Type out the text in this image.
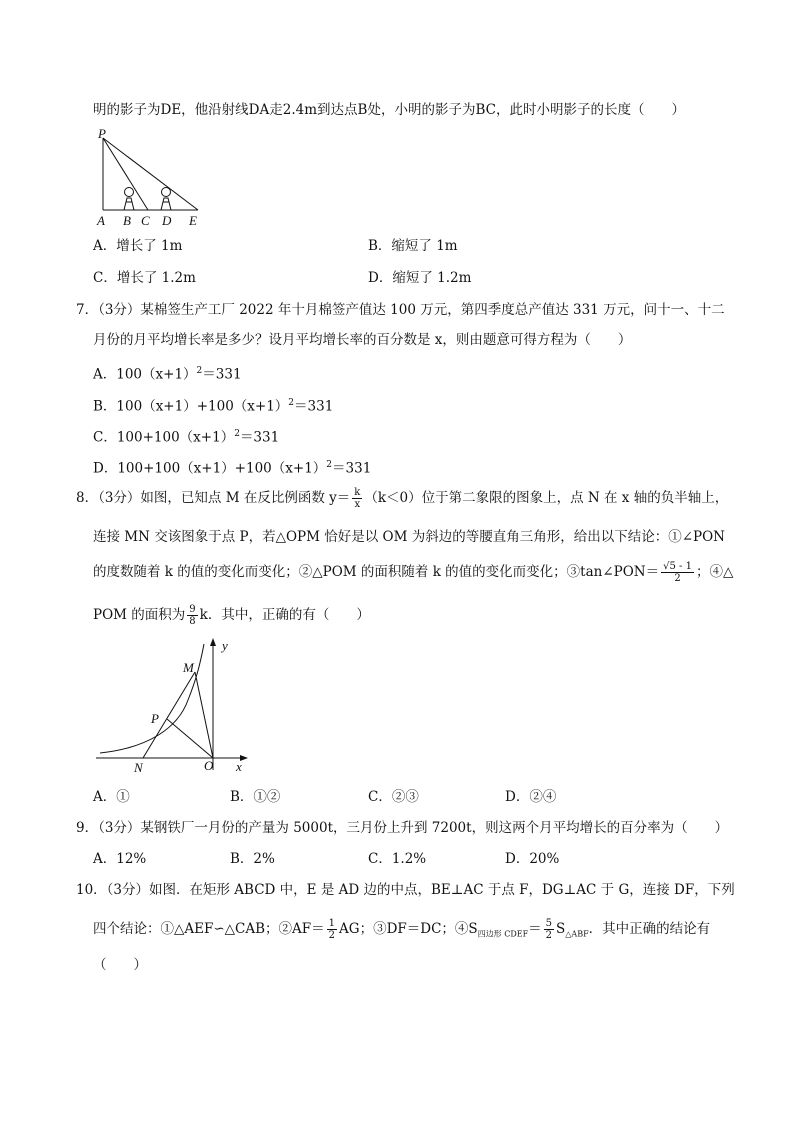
明的影子为DE，他沿射线DA走2.4m到达点B处，小明的影子为BC，此时小明影子的长度（　　）
P
A B C D E
A．增长了 1m	B．缩短了 1m
C．增长了 1.2m	D．缩短了 1.2m
7．（3分）某棉签生产工厂 2022 年十月棉签产值达 100 万元，第四季度总产值达 331 万元，问十一、十二
月份的月平均增长率是多少？设月平均增长率的百分数是 x，则由题意可得方程为（　　）
A．$100(x+1)^2=331$
B．$100(x+1)+100(x+1)^2=331$
C．$100+100(x+1)^2=331$
D．$100+100(x+1)+100(x+1)^2=331$
8．（3分）如图，已知点 M 在反比例函数 $y= \frac{k}{x} (k<0)$位于第二象限的图象上，点 N 在 x 轴的负半轴上，
连接 MN 交该图象于点 P，若△OPM 恰好是以 OM 为斜边的等腰直角三角形，给出以下结论：①∠PON
的度数随着 k 的值的变化而变化；②△POM 的面积随着 k 的值的变化而变化；③tan∠PON＝ $\frac{√5 - 1}{2}$ ；④△
POM 的面积为 $\frac{9}{8}$ k．其中，正确的有（　　）
y
M
P
N	O x
A．①	B．①②	C．②③	D．②④
9．（3分）某钢铁厂一月份的产量为 5000t，三月份上升到 7200t，则这两个月平均增长的百分率为（　　）
A．12%	B．2%	C．1.2%	D．20%
10．（3分）如图．在矩形 ABCD 中，E 是 AD 边的中点，BE⊥AC 于点 F，DG⊥AC 于 G，连接 DF，下列
四个结论：①△AEF∽△CAB；②AF＝ $\frac{1}{2}$ AG；③DF＝DC；$④S_{四边形 CDEF}= \frac{5}{2} S_{\triangle ABF}$．其中正确的结论有
（　　）
